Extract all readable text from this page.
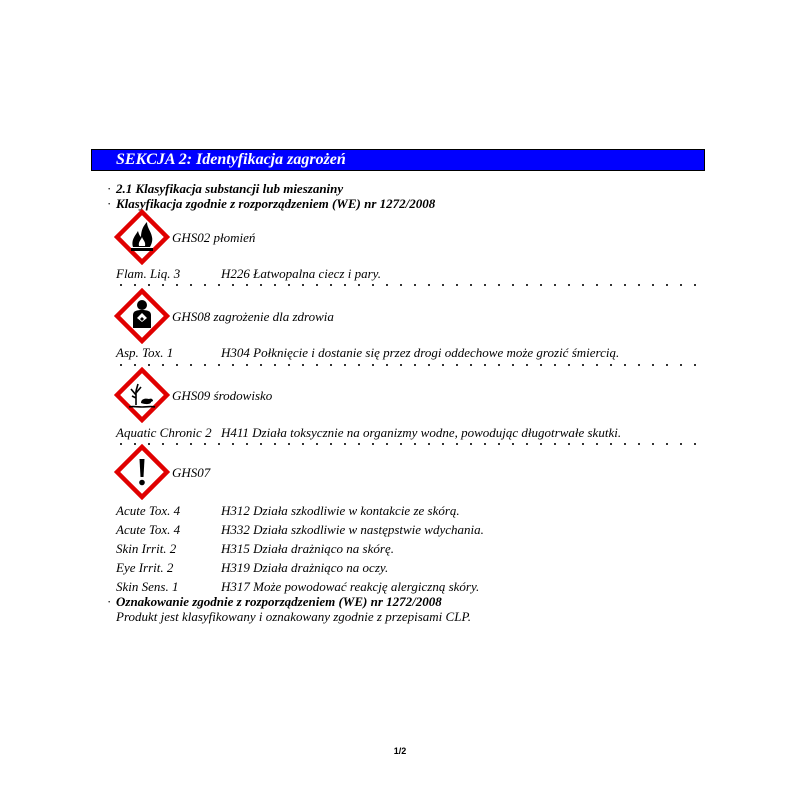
SEKCJA 2: Identyfikacja zagrożeń
· 2.1 Klasyfikacja substancji lub mieszaniny
· Klasyfikacja zgodnie z rozporządzeniem (WE) nr 1272/2008
GHS02 płomień
Flam. Liq. 3	H226 Łatwopalna ciecz i pary.
GHS08 zagrożenie dla zdrowia
Asp. Tox. 1	H304 Połknięcie i dostanie się przez drogi oddechowe może grozić śmiercią.
GHS09 środowisko
Aquatic Chronic 2 H411 Działa toksycznie na organizmy wodne, powodując długotrwałe skutki.
GHS07
Acute Tox. 4	H312 Działa szkodliwie w kontakcie ze skórą.
Acute Tox. 4	H332 Działa szkodliwie w następstwie wdychania.
Skin Irrit. 2	H315 Działa drażniąco na skórę.
Eye Irrit. 2	H319 Działa drażniąco na oczy.
Skin Sens. 1	H317 Może powodować reakcję alergiczną skóry.
· Oznakowanie zgodnie z rozporządzeniem (WE) nr 1272/2008
Produkt jest klasyfikowany i oznakowany zgodnie z przepisami CLP.
1/2
